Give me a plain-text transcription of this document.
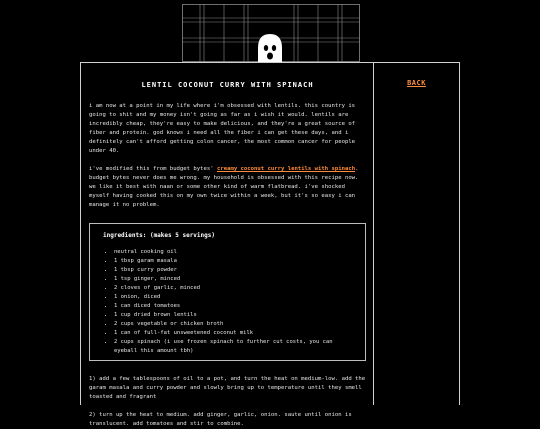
LENTIL COCONUT CURRY WITH SPINACH

i am now at a point in my life where i'm obsessed with lentils. this country is going to shit and my money isn't going as far as i wish it would. lentils are incredibly cheap, they're easy to make delicious, and they're a great source of fiber and protein. god knows i need all the fiber i can get these days, and i definitely can't afford getting colon cancer, the most common cancer for people under 40.

i've modified this from budget bytes' creamy coconut curry lentils with spinach. budget bytes never does me wrong. my household is obsessed with this recipe now. we like it best with naan or some other kind of warm flatbread. i've shocked myself having cooked this on my own twice within a week, but it's so easy i can manage it no problem.

ingredients: (makes 5 servings)
• neutral cooking oil
• 1 tbsp garam masala
• 1 tbsp curry powder
• 1 tsp ginger, minced
• 2 cloves of garlic, minced
• 1 onion, diced
• 1 can diced tomatoes
• 1 cup dried brown lentils
• 2 cups vegetable or chicken broth
• 1 can of full-fat unsweetened coconut milk
• 2 cups spinach (i use frozen spinach to further cut costs, you can eyeball this amount tbh)

1) add a few tablespoons of oil to a pot, and turn the heat on medium-low. add the garam masala and curry powder and slowly bring up to temperature until they smell toasted and fragrant

2) turn up the heat to medium. add ginger, garlic, onion. saute until onion is translucent. add tomatoes and stir to combine.

BACK
